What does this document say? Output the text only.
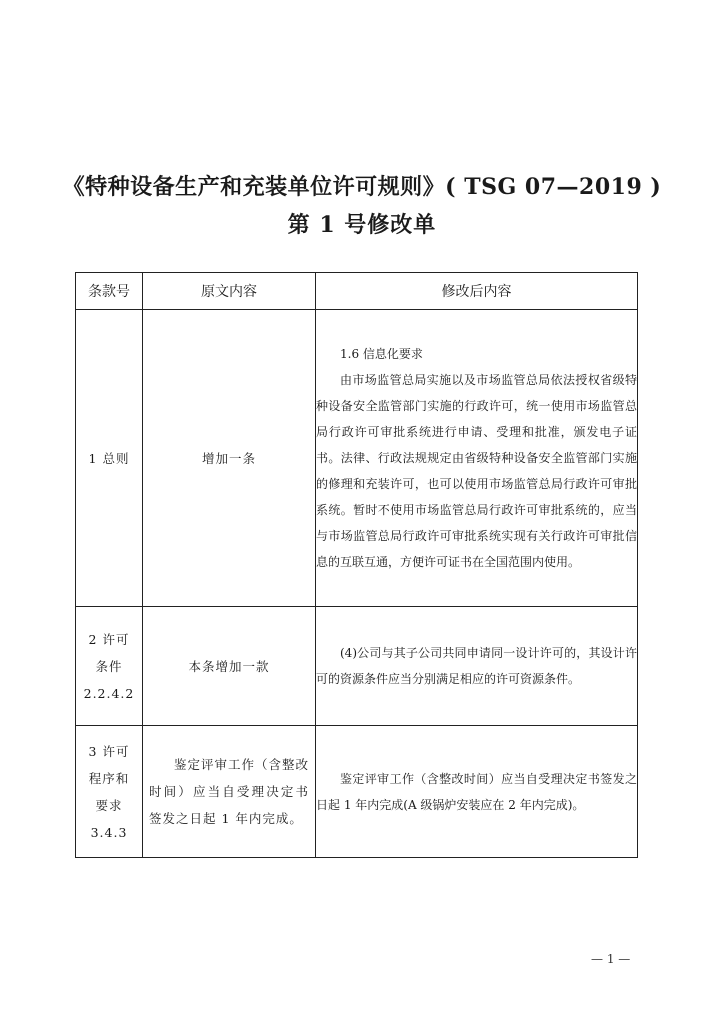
《特种设备生产和充装单位许可规则》( TSG 07—2019 )
第 1 号修改单
条款号	原文内容	修改后内容

1 总则	增加一条	1.6 信息化要求

由市场监管总局实施以及市场监管总局依法授权省级特种设备安全监管部门实施的行政许可，统一使用市场监管总局行政许可审批系统进行申请、受理和批准，颁发电子证书。法律、行政法规规定由省级特种设备安全监管部门实施的修理和充装许可，也可以使用市场监管总局行政许可审批系统。暂时不使用市场监管总局行政许可审批系统的，应当与市场监管总局行政许可审批系统实现有关行政许可审批信息的互联互通，方便许可证书在全国范围内使用。

2 许可
条件
2.2.4.2	本条增加一款	(4)公司与其子公司共同申请同一设计许可的，其设计许可的资源条件应当分别满足相应的许可资源条件。

3 许可
程序和
要求
3.4.3	鉴定评审工作（含整改时间）应当自受理决定书签发之日起 1 年内完成。	鉴定评审工作（含整改时间）应当自受理决定书签发之日起 1 年内完成(A 级锅炉安装应在 2 年内完成)。

— 1 —
